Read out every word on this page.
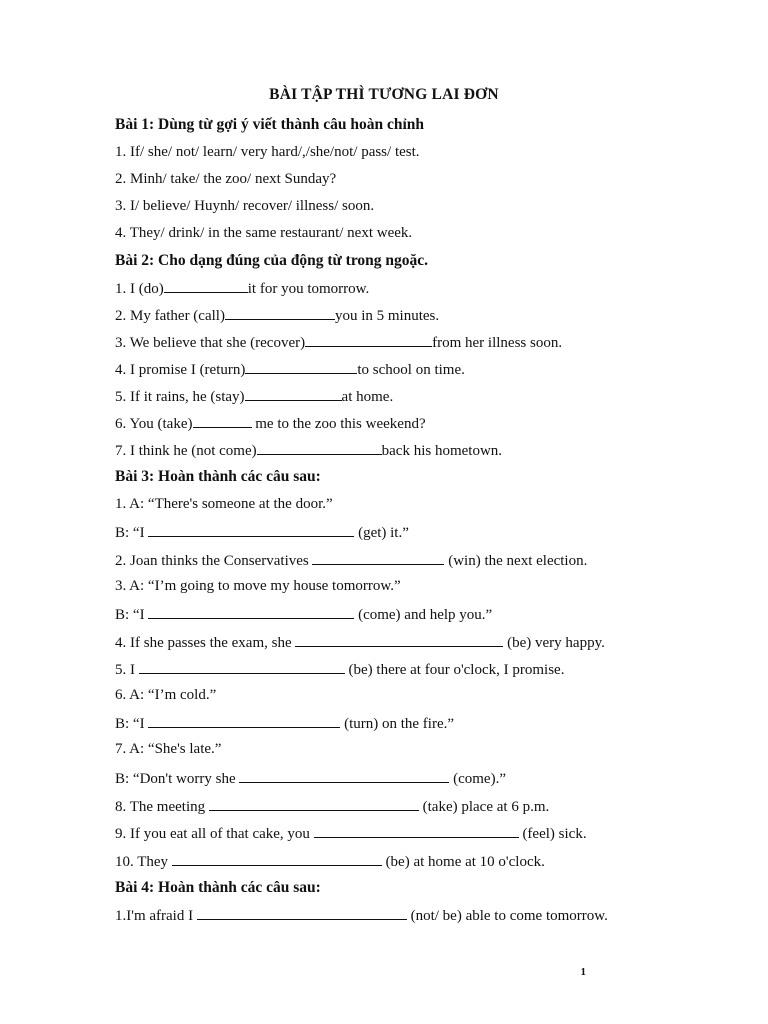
BÀI TẬP THÌ TƯƠNG LAI ĐƠN
Bài 1: Dùng từ gợi ý viết thành câu hoàn chỉnh
1. If/ she/ not/ learn/ very hard/,/she/not/ pass/ test.
2. Minh/ take/ the zoo/ next Sunday?
3. I/ believe/ Huynh/ recover/ illness/ soon.
4. They/ drink/ in the same restaurant/ next week.
Bài 2: Cho dạng đúng của động từ trong ngoặc.
1. I (do)	it for you tomorrow.
2. My father (call)	you in 5 minutes.
3. We believe that she (recover)	from her illness soon.
4. I promise I (return)	to school on time.
5. If it rains, he (stay)	at home.
6. You (take)	me to the zoo this weekend?
7. I think he (not come)	back his hometown.
Bài 3: Hoàn thành các câu sau:
1. A: “There's someone at the door.”
B: “I	(get) it.”
2. Joan thinks the Conservatives	(win) the next election.
3. A: “I’m going to move my house tomorrow.”
B: “I	(come) and help you.”
4. If she passes the exam, she	(be) very happy.
5. I	(be) there at four o'clock, I promise.
6. A: “I’m cold.”
B: “I	(turn) on the fire.”
7. A: “She's late.”
B: “Don't worry she	(come).”
8. The meeting	(take) place at 6 p.m.
9. If you eat all of that cake, you	(feel) sick.
10. They	(be) at home at 10 o'clock.
Bài 4: Hoàn thành các câu sau:
1.I'm afraid I	(not/ be) able to come tomorrow.
1
